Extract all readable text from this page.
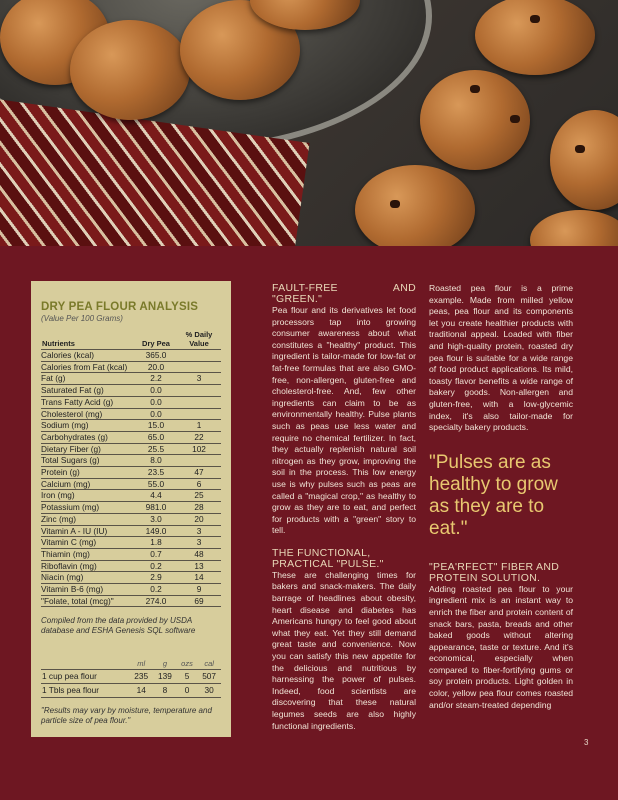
DRY PEA FLOUR ANALYSIS
(Value Per 100 Grams)
Nutrients	Dry Pea	% Daily Value
Calories (kcal)	365.0	
Calories from Fat (kcal)	20.0	
Fat (g)	2.2	3
Saturated Fat (g)	0.0	
Trans Fatty Acid (g)	0.0	
Cholesterol (mg)	0.0	
Sodium (mg)	15.0	1
Carbohydrates (g)	65.0	22
Dietary Fiber (g)	25.5	102
Total Sugars (g)	8.0	
Protein (g)	23.5	47
Calcium (mg)	55.0	6
Iron (mg)	4.4	25
Potassium (mg)	981.0	28
Zinc (mg)	3.0	20
Vitamin A - IU (IU)	149.0	3
Vitamin C (mg)	1.8	3
Thiamin (mg)	0.7	48
Riboflavin (mg)	0.2	13
Niacin (mg)	2.9	14
Vitamin B-6 (mg)	0.2	9
"Folate, total (mcg)"	274.0	69
Compiled from the data provided by USDA database and ESHA Genesis SQL software
	ml	g	ozs	cal
1 cup pea flour	235	139	5	507
1 Tbls pea flour	14	8	0	30
"Results may vary by moisture, temperature and particle size of pea flour."
FAULT-FREE AND "GREEN."
Pea flour and its derivatives let food processors tap into growing consumer awareness about what constitutes a "healthy" product. This ingredient is tailor-made for low-fat or fat-free formulas that are also GMO-free, non-allergen, gluten-free and cholesterol-free. And, few other ingredients can claim to be as environmentally healthy. Pulse plants such as peas use less water and require no chemical fertilizer. In fact, they actually replenish natural soil nitrogen as they grow, improving the soil in the process. This low energy use is why pulses such as peas are called a "magical crop," as healthy to grow as they are to eat, and perfect for products with a "green" story to tell.
THE FUNCTIONAL,
PRACTICAL "PULSE."
These are challenging times for bakers and snack-makers. The daily barrage of headlines about obesity, heart disease and diabetes has Americans hungry to feel good about what they eat. Yet they still demand great taste and convenience. Now you can satisfy this new appetite for the delicious and nutritious by harnessing the power of pulses. Indeed, food scientists are discovering that these natural legumes seeds are also highly functional ingredients.
Roasted pea flour is a prime example. Made from milled yellow peas, pea flour and its components let you create healthier products with traditional appeal. Loaded with fiber and high-quality protein, roasted dry pea flour is suitable for a wide range of food product applications. Its mild, toasty flavor benefits a wide range of bakery goods. Non-allergen and gluten-free, with a low-glycemic index, it's also tailor-made for specialty bakery products.
"Pulses are as healthy to grow as they are to eat."
"PEA'RFECT" FIBER AND
PROTEIN SOLUTION.
Adding roasted pea flour to your ingredient mix is an instant way to enrich the fiber and protein content of snack bars, pasta, breads and other baked goods without altering appearance, taste or texture. And it's economical, especially when compared to fiber-fortifying gums or soy protein products. Light golden in color, yellow pea flour comes roasted and/or steam-treated depending
3
